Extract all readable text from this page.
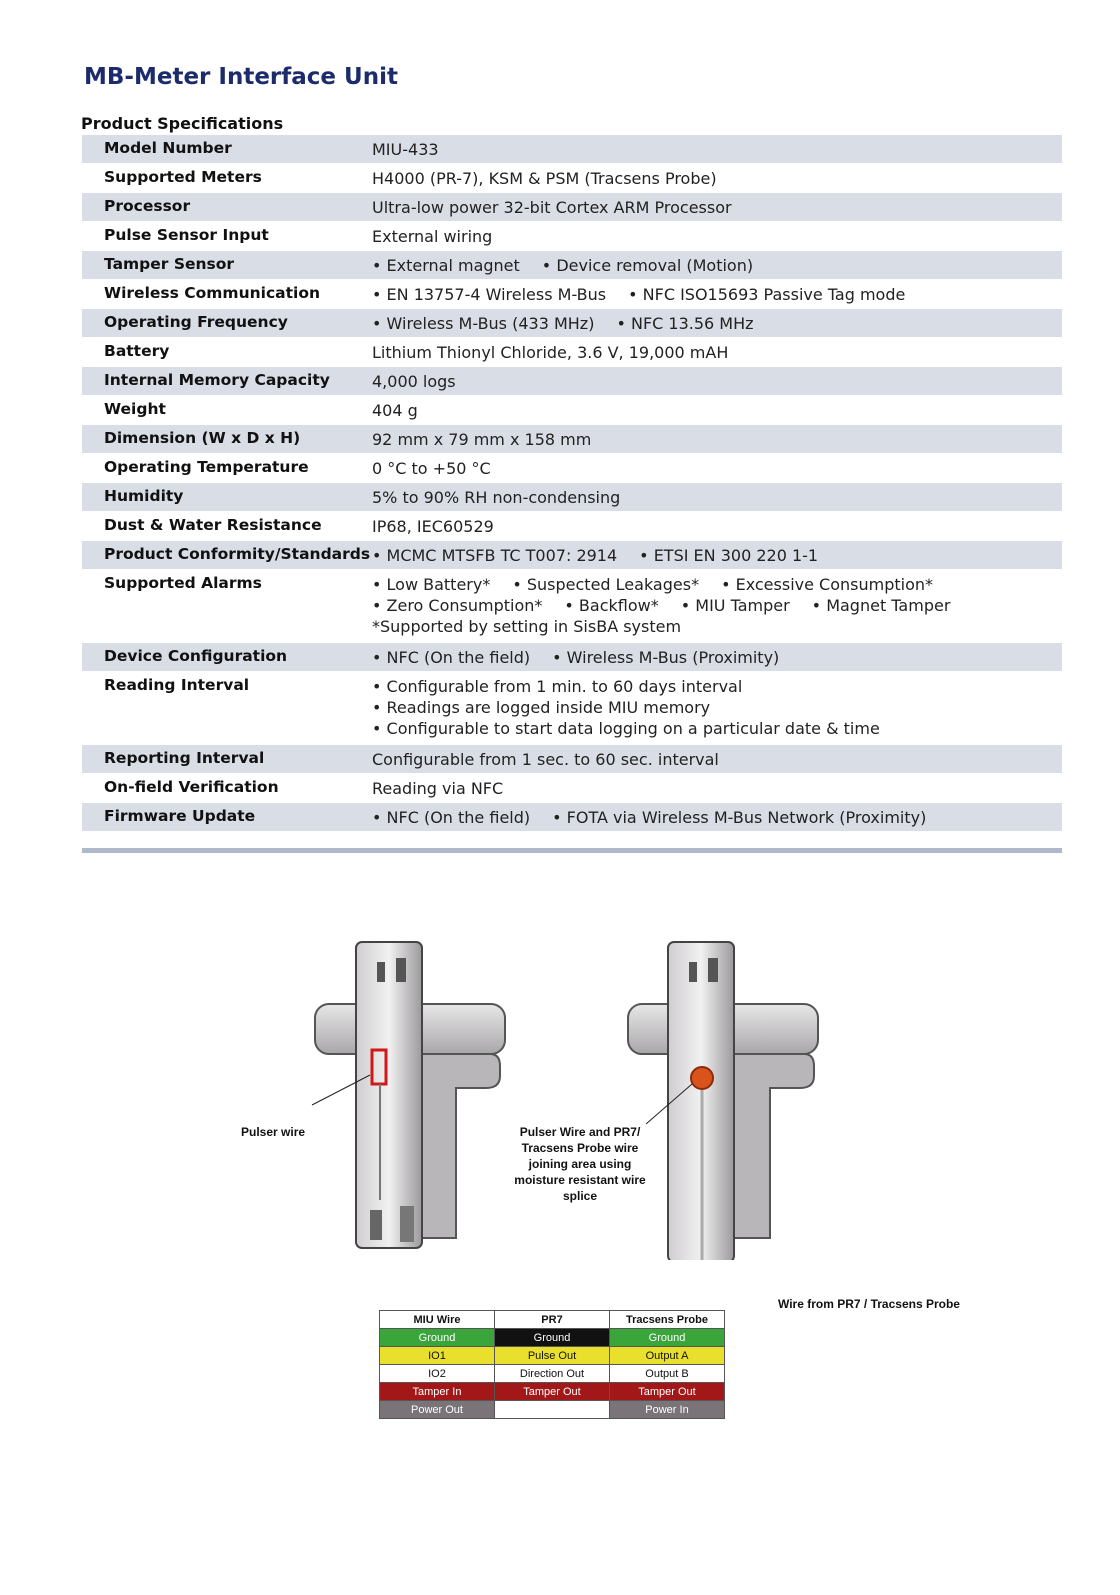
MB-Meter Interface Unit
Product Specifications
Model Number	MIU-433
Supported Meters	H4000 (PR-7), KSM & PSM (Tracsens Probe)
Processor	Ultra-low power 32-bit Cortex ARM Processor
Pulse Sensor Input	External wiring
Tamper Sensor	• External magnet • Device removal (Motion)
Wireless Communication	• EN 13757-4 Wireless M-Bus • NFC ISO15693 Passive Tag mode
Operating Frequency	• Wireless M-Bus (433 MHz) • NFC 13.56 MHz
Battery	Lithium Thionyl Chloride, 3.6 V, 19,000 mAH
Internal Memory Capacity	4,000 logs
Weight	404 g
Dimension (W x D x H)	92 mm x 79 mm x 158 mm
Operating Temperature	0 °C to +50 °C
Humidity	5% to 90% RH non-condensing
Dust & Water Resistance	IP68, IEC60529
Product Conformity/Standards • MCMC MTSFB TC T007: 2914 • ETSI EN 300 220 1-1
Supported Alarms	• Low Battery* • Suspected Leakages* • Excessive Consumption*
• Zero Consumption* • Backflow* • MIU Tamper • Magnet Tamper
*Supported by setting in SisBA system
Device Configuration	• NFC (On the field) • Wireless M-Bus (Proximity)
Reading Interval	• Configurable from 1 min. to 60 days interval
• Readings are logged inside MIU memory
• Configurable to start data logging on a particular date & time
Reporting Interval	Configurable from 1 sec. to 60 sec. interval
On-field Verification	Reading via NFC
Firmware Update	• NFC (On the field) • FOTA via Wireless M-Bus Network (Proximity)
Pulser wire	Pulser Wire and PR7/ Tracsens Probe wire joining area using moisture resistant wire splice
Wire from PR7 / Tracsens Probe
MIU Wire	PR7	Tracsens Probe
Ground	Ground	Ground
IO1	Pulse Out	Output A
IO2	Direction Out	Output B
Tamper In	Tamper Out	Tamper Out
Power Out		Power In
